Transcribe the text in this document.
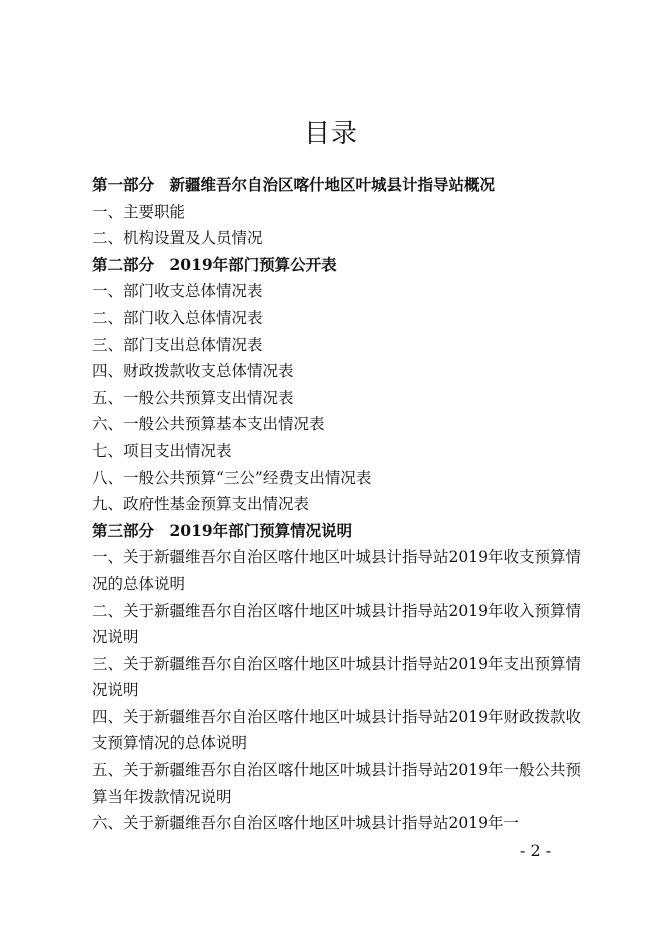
目录
第一部分　新疆维吾尔自治区喀什地区叶城县计指导站概况
一、主要职能
二、机构设置及人员情况
第二部分　2019年部门预算公开表
一、部门收支总体情况表
二、部门收入总体情况表
三、部门支出总体情况表
四、财政拨款收支总体情况表
五、一般公共预算支出情况表
六、一般公共预算基本支出情况表
七、项目支出情况表
八、一般公共预算“三公”经费支出情况表
九、政府性基金预算支出情况表
第三部分　2019年部门预算情况说明
一、关于新疆维吾尔自治区喀什地区叶城县计指导站2019年收支预算情况的总体说明
二、关于新疆维吾尔自治区喀什地区叶城县计指导站2019年收入预算情况说明
三、关于新疆维吾尔自治区喀什地区叶城县计指导站2019年支出预算情况说明
四、关于新疆维吾尔自治区喀什地区叶城县计指导站2019年财政拨款收支预算情况的总体说明
五、关于新疆维吾尔自治区喀什地区叶城县计指导站2019年一般公共预算当年拨款情况说明
六、关于新疆维吾尔自治区喀什地区叶城县计指导站2019年一
- 2 -
